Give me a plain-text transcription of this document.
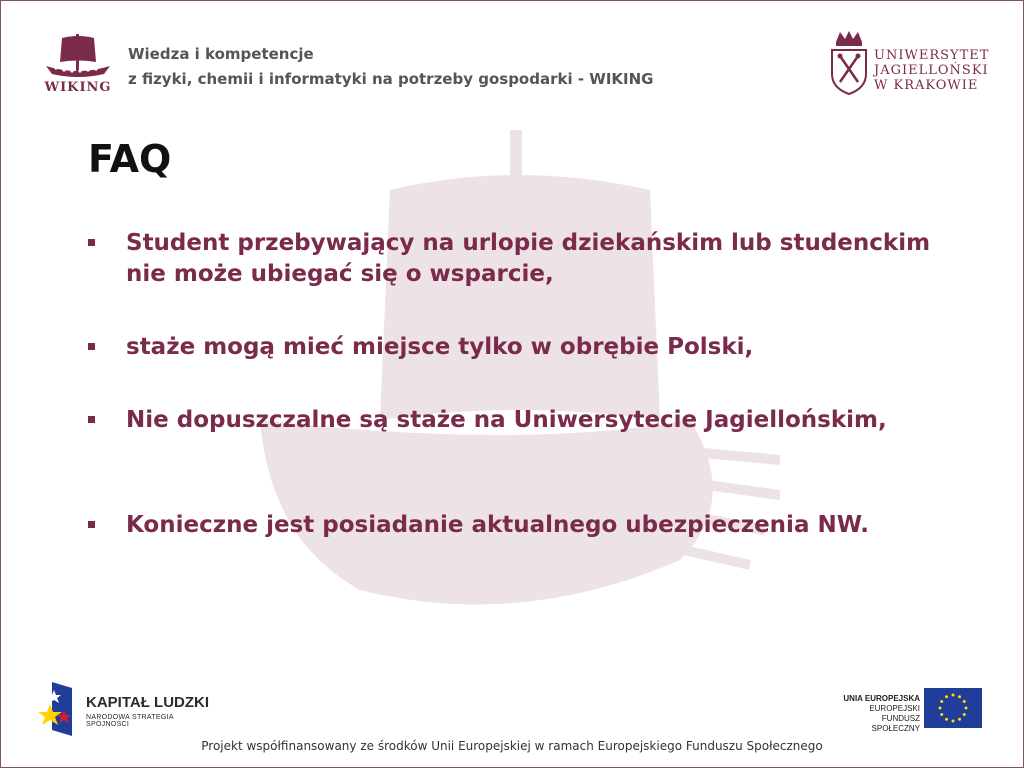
WIKING
Wiedza i kompetencje
z fizyki, chemii i informatyki na potrzeby gospodarki - WIKING
UNIWERSYTET
JAGIELLOŃSKI
W KRAKOWIE
FAQ
Student przebywający na urlopie dziekańskim lub studenckim nie może ubiegać się o wsparcie,
staże mogą mieć miejsce tylko w obrębie Polski,
Nie dopuszczalne są staże na Uniwersytecie Jagiellońskim,
Konieczne jest posiadanie aktualnego ubezpieczenia NW.
KAPITAŁ LUDZKI
NARODOWA STRATEGIA SPÓJNOŚCI
UNIA EUROPEJSKA
EUROPEJSKI
FUNDUSZ SPOŁECZNY
Projekt współfinansowany ze środków Unii Europejskiej w ramach Europejskiego Funduszu Społecznego
